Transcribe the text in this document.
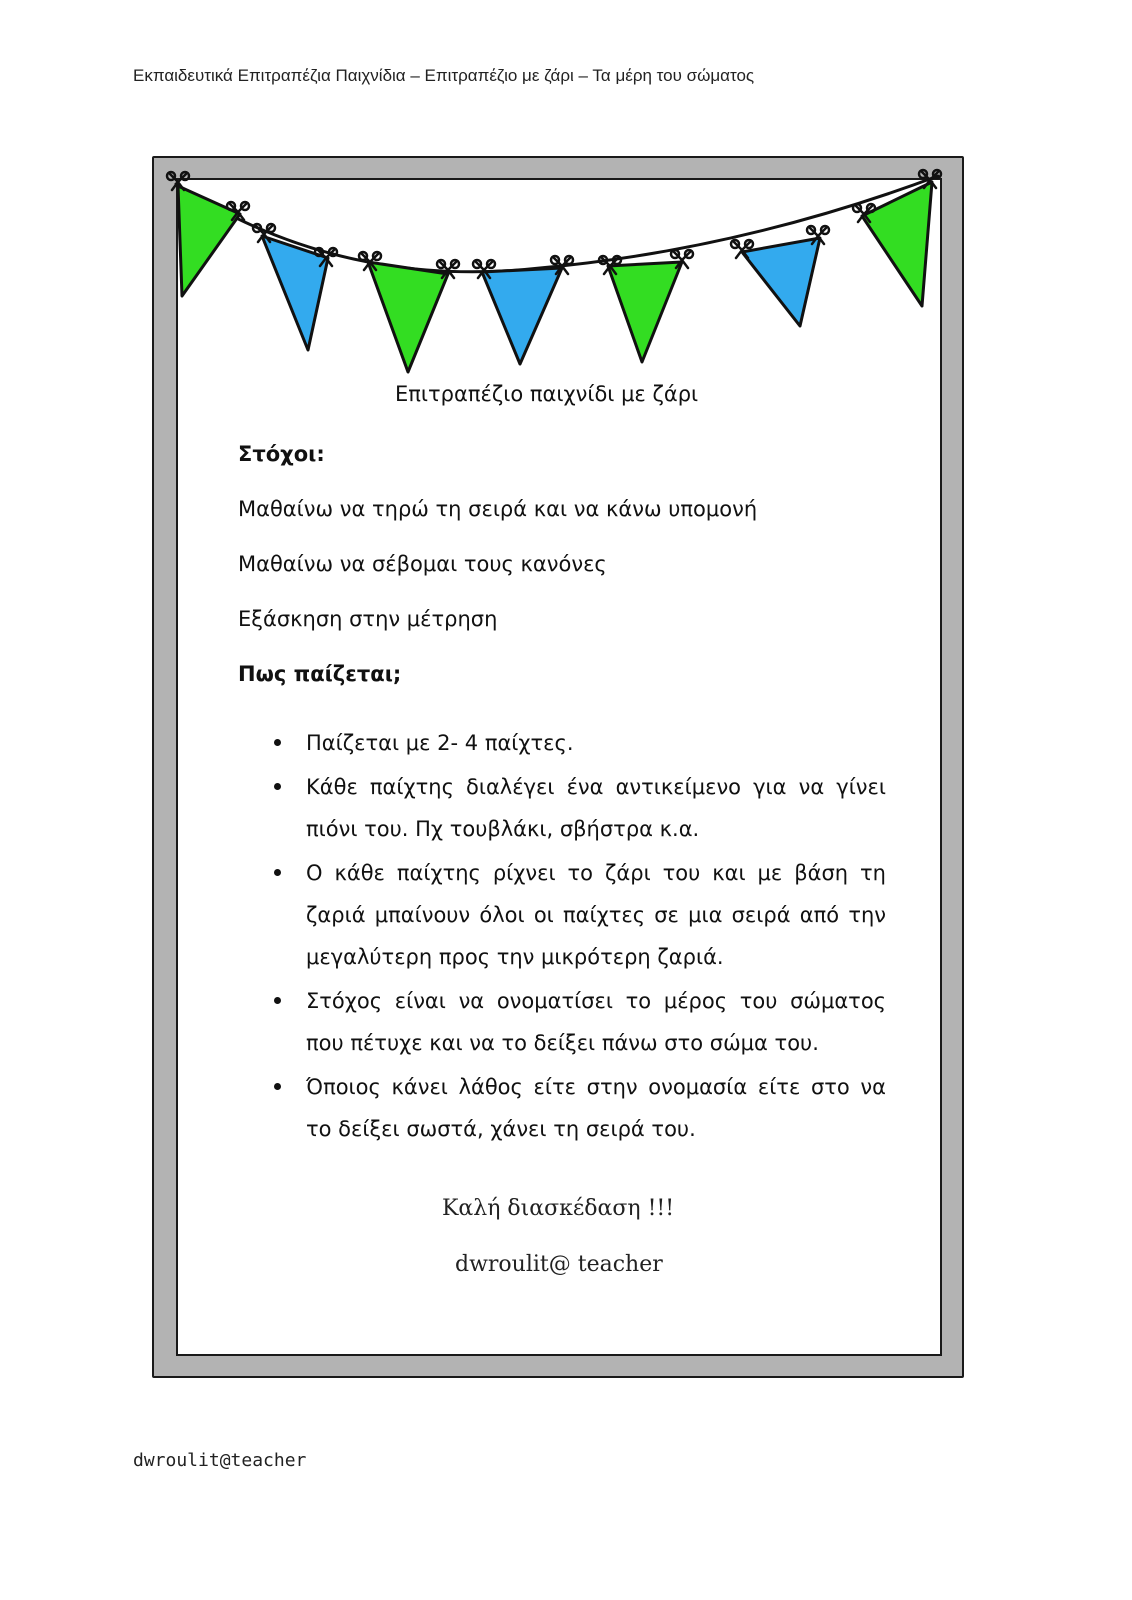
Εκπαιδευτικά Επιτραπέζια Παιχνίδια – Επιτραπέζιο με ζάρι – Τα μέρη του σώματος
Επιτραπέζιο παιχνίδι με ζάρι
Στόχοι:
Μαθαίνω να τηρώ τη σειρά και να κάνω υπομονή
Μαθαίνω να σέβομαι τους κανόνες
Εξάσκηση στην μέτρηση
Πως παίζεται;
Παίζεται με 2- 4 παίχτες.
Κάθε παίχτης διαλέγει ένα αντικείμενο για να γίνει πιόνι του. Πχ τουβλάκι, σβήστρα κ.α.
Ο κάθε παίχτης ρίχνει το ζάρι του και με βάση τη ζαριά μπαίνουν όλοι οι παίχτες σε μια σειρά από την μεγαλύτερη προς την μικρότερη ζαριά.
Στόχος είναι να ονοματίσει το μέρος του σώματος που πέτυχε και να το δείξει πάνω στο σώμα του.
Όποιος κάνει λάθος είτε στην ονομασία είτε στο να το δείξει σωστά, χάνει τη σειρά του.
Καλή διασκέδαση !!!
dwroulit@ teacher
dwroulit@teacher
